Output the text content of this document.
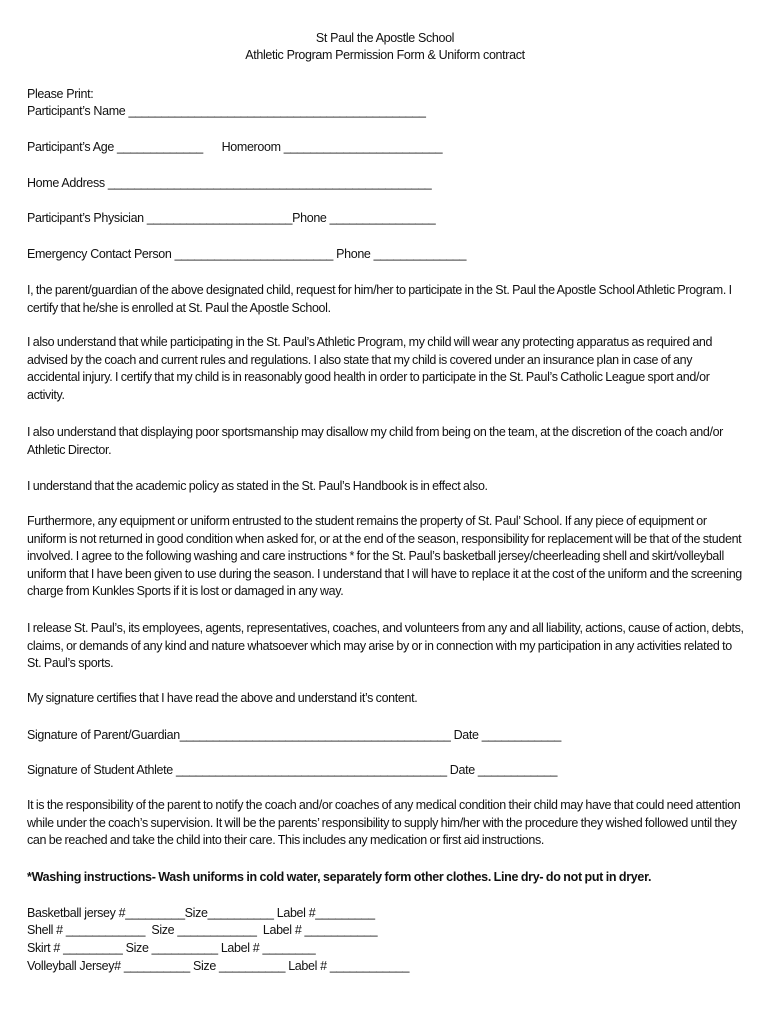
St Paul the Apostle School
Athletic Program Permission Form & Uniform contract
Please Print:
Participant’s Name _____________________________________________
Participant’s Age _____________      Homeroom ________________________
Home Address _________________________________________________
Participant’s Physician ______________________Phone ________________
Emergency Contact Person ________________________ Phone ______________
I, the parent/guardian of the above designated child, request for him/her to participate in the St. Paul the Apostle School Athletic Program. I certify that he/she is enrolled at St. Paul the Apostle School.
I also understand that while participating in the St. Paul’s Athletic Program, my child will wear any protecting apparatus as required and advised by the coach and current rules and regulations. I also state that my child is covered under an insurance plan in case of any accidental injury. I certify that my child is in reasonably good health in order to participate in the St. Paul’s Catholic League sport and/or activity.
I also understand that displaying poor sportsmanship may disallow my child from being on the team, at the discretion of the coach and/or Athletic Director.
I understand that the academic policy as stated in the St. Paul’s Handbook is in effect also.
Furthermore, any equipment or uniform entrusted to the student remains the property of St. Paul’ School. If any piece of equipment or uniform is not returned in good condition when asked for, or at the end of the season, responsibility for replacement will be that of the student involved. I agree to the following washing and care instructions * for the St. Paul’s basketball jersey/cheerleading shell and skirt/volleyball uniform that I have been given to use during the season. I understand that I will have to replace it at the cost of the uniform and the screening charge from Kunkles Sports if it is lost or damaged in any way.
I release St. Paul’s, its employees, agents, representatives, coaches, and volunteers from any and all liability, actions, cause of action, debts, claims, or demands of any kind and nature whatsoever which may arise by or in connection with my participation in any activities related to St. Paul’s sports.
My signature certifies that I have read the above and understand it’s content.
Signature of Parent/Guardian_________________________________________ Date ____________
Signature of Student Athlete _________________________________________ Date ____________
It is the responsibility of the parent to notify the coach and/or coaches of any medical condition their child may have that could need attention while under the coach’s supervision. It will be the parents’ responsibility to supply him/her with the procedure they wished followed until they can be reached and take the child into their care. This includes any medication or first aid instructions.
*Washing instructions- Wash uniforms in cold water, separately form other clothes. Line dry- do not put in dryer.
Basketball jersey #_________Size__________ Label #_________
Shell # ____________  Size ____________  Label # ___________
Skirt # _________ Size __________ Label # ________
Volleyball Jersey# __________ Size __________ Label # ____________
